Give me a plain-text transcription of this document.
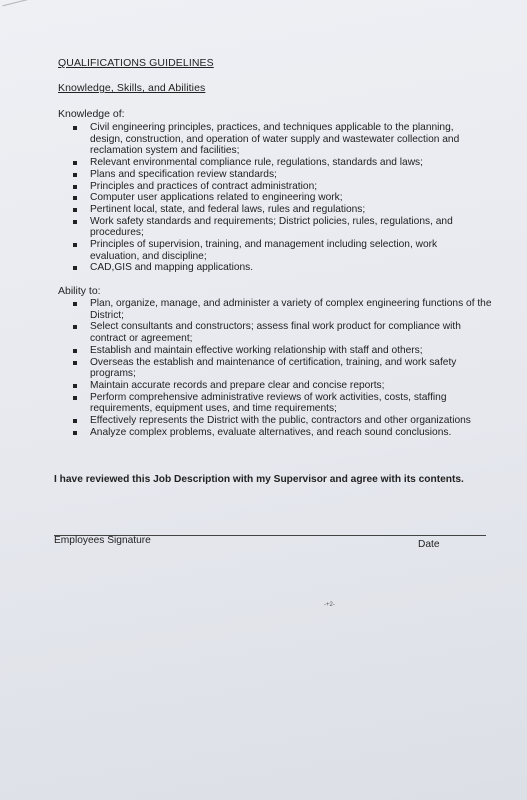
QUALIFICATIONS GUIDELINES
Knowledge, Skills, and Abilities
Knowledge of:
Civil engineering principles, practices, and techniques applicable to the planning, design, construction, and operation of water supply and wastewater collection and reclamation system and facilities;
Relevant environmental compliance rule, regulations, standards and laws;
Plans and specification review standards;
Principles and practices of contract administration;
Computer user applications related to engineering work;
Pertinent local, state, and federal laws, rules and regulations;
Work safety standards and requirements; District policies, rules, regulations, and procedures;
Principles of supervision, training, and management including selection, work evaluation, and discipline;
CAD,GIS and mapping applications.
Ability to:
Plan, organize, manage, and administer a variety of complex engineering functions of the District;
Select consultants and constructors; assess final work product for compliance with contract or agreement;
Establish and maintain effective working relationship with staff and others;
Overseas the establish and maintenance of certification, training, and work safety programs;
Maintain accurate records and prepare clear and concise reports;
Perform comprehensive administrative reviews of work activities, costs, staffing requirements, equipment uses, and time requirements;
Effectively represents the District with the public, contractors and other organizations
Analyze complex problems, evaluate alternatives, and reach sound conclusions.
I have reviewed this Job Description with my Supervisor and agree with its contents.
Employees Signature	Date
-+2-
